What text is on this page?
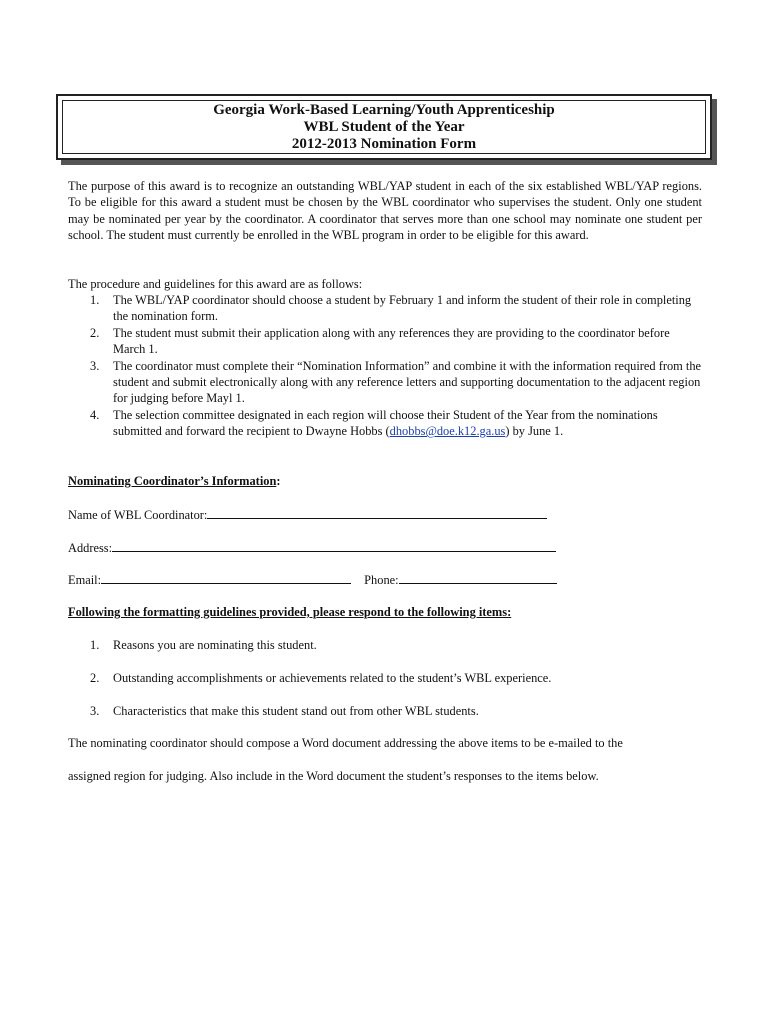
Georgia Work-Based Learning/Youth Apprenticeship
WBL Student of the Year
2012-2013 Nomination Form
The purpose of this award is to recognize an outstanding WBL/YAP student in each of the six established WBL/YAP regions. To be eligible for this award a student must be chosen by the WBL coordinator who supervises the student. Only one student may be nominated per year by the coordinator. A coordinator that serves more than one school may nominate one student per school. The student must currently be enrolled in the WBL program in order to be eligible for this award.
The procedure and guidelines for this award are as follows:
1. The WBL/YAP coordinator should choose a student by February 1 and inform the student of their role in completing the nomination form.
2. The student must submit their application along with any references they are providing to the coordinator before March 1.
3. The coordinator must complete their “Nomination Information” and combine it with the information required from the student and submit electronically along with any reference letters and supporting documentation to the adjacent region for judging before Mayl 1.
4. The selection committee designated in each region will choose their Student of the Year from the nominations submitted and forward the recipient to Dwayne Hobbs (dhobbs@doe.k12.ga.us) by June 1.
Nominating Coordinator’s Information:
Name of WBL Coordinator:
Address:
Email:	Phone:
Following the formatting guidelines provided, please respond to the following items:
1. Reasons you are nominating this student.
2. Outstanding accomplishments or achievements related to the student’s WBL experience.
3. Characteristics that make this student stand out from other WBL students.
The nominating coordinator should compose a Word document addressing the above items to be e-mailed to the
assigned region for judging. Also include in the Word document the student’s responses to the items below.
